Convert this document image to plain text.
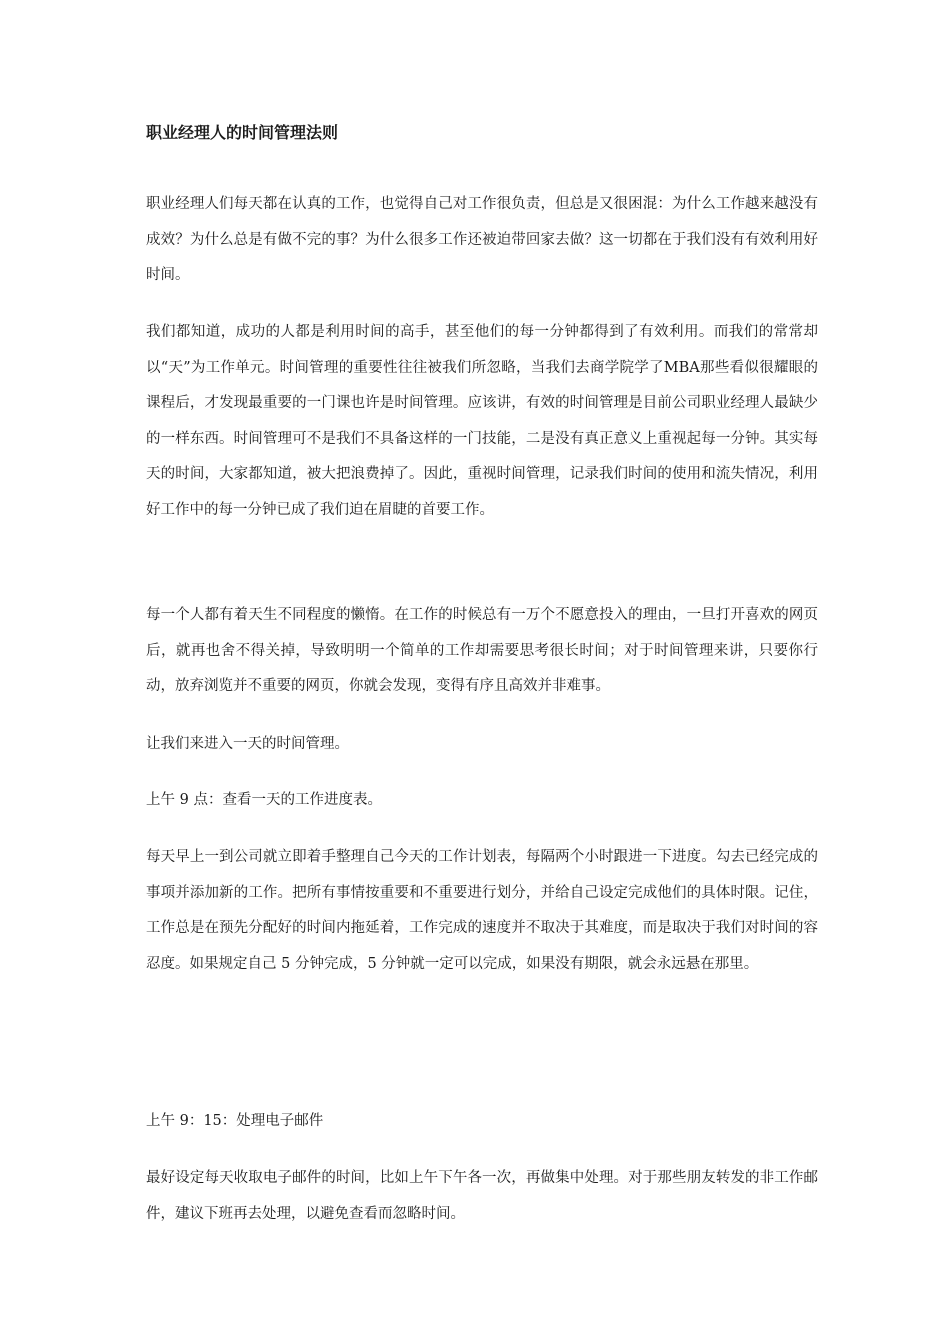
职业经理人的时间管理法则

职业经理人们每天都在认真的工作，也觉得自己对工作很负责，但总是又很困混：为什么工作越来越没有成效？为什么总是有做不完的事？为什么很多工作还被迫带回家去做？这一切都在于我们没有有效利用好时间。

我们都知道，成功的人都是利用时间的高手，甚至他们的每一分钟都得到了有效利用。而我们的常常却以“天”为工作单元。时间管理的重要性往往被我们所忽略，当我们去商学院学了MBA那些看似很耀眼的课程后，才发现最重要的一门课也许是时间管理。应该讲，有效的时间管理是目前公司职业经理人最缺少的一样东西。时间管理可不是我们不具备这样的一门技能，二是没有真正意义上重视起每一分钟。其实每天的时间，大家都知道，被大把浪费掉了。因此，重视时间管理，记录我们时间的使用和流失情况，利用好工作中的每一分钟已成了我们迫在眉睫的首要工作。

每一个人都有着天生不同程度的懒惰。在工作的时候总有一万个不愿意投入的理由，一旦打开喜欢的网页后，就再也舍不得关掉，导致明明一个简单的工作却需要思考很长时间；对于时间管理来讲，只要你行动，放弃浏览并不重要的网页，你就会发现，变得有序且高效并非难事。

让我们来进入一天的时间管理。

上午 9 点：查看一天的工作进度表。

每天早上一到公司就立即着手整理自己今天的工作计划表，每隔两个小时跟进一下进度。勾去已经完成的事项并添加新的工作。把所有事情按重要和不重要进行划分，并给自己设定完成他们的具体时限。记住，工作总是在预先分配好的时间内拖延着，工作完成的速度并不取决于其难度，而是取决于我们对时间的容忍度。如果规定自己 5 分钟完成，5 分钟就一定可以完成，如果没有期限，就会永远悬在那里。

上午 9：15：处理电子邮件

最好设定每天收取电子邮件的时间，比如上午下午各一次，再做集中处理。对于那些朋友转发的非工作邮件，建议下班再去处理，以避免查看而忽略时间。
